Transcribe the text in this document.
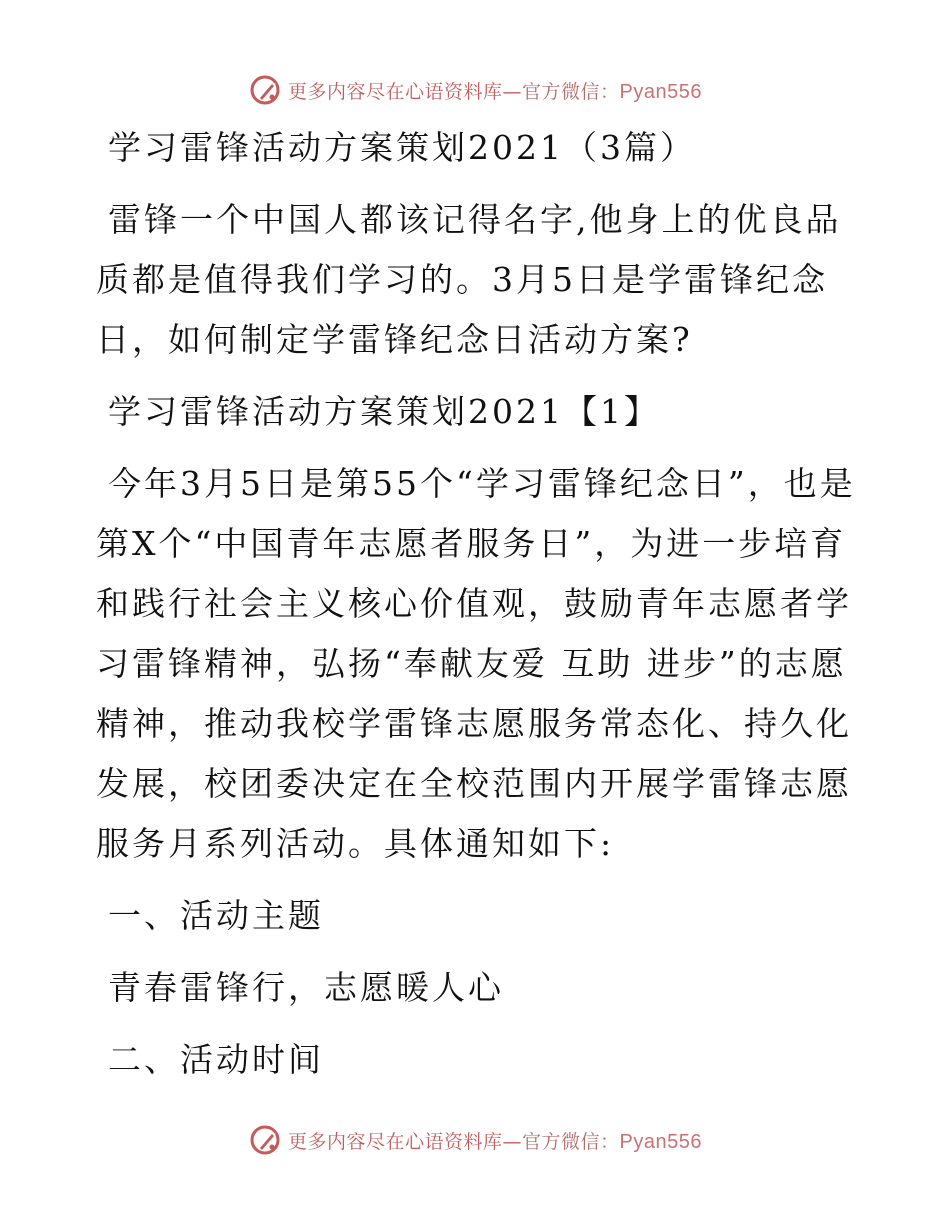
更多内容尽在心语资料库—官方微信：Pyan556

学习雷锋活动方案策划2021（3篇）

雷锋一个中国人都该记得名字,他身上的优良品质都是值得我们学习的。3月5日是学雷锋纪念日，如何制定学雷锋纪念日活动方案?

学习雷锋活动方案策划2021【1】

今年3月5日是第55个“学习雷锋纪念日”，也是第X个“中国青年志愿者服务日”，为进一步培育和践行社会主义核心价值观，鼓励青年志愿者学习雷锋精神，弘扬“奉献友爱 互助 进步”的志愿精神，推动我校学雷锋志愿服务常态化、持久化发展，校团委决定在全校范围内开展学雷锋志愿服务月系列活动。具体通知如下:

一、活动主题

青春雷锋行，志愿暖人心

二、活动时间

更多内容尽在心语资料库—官方微信：Pyan556
